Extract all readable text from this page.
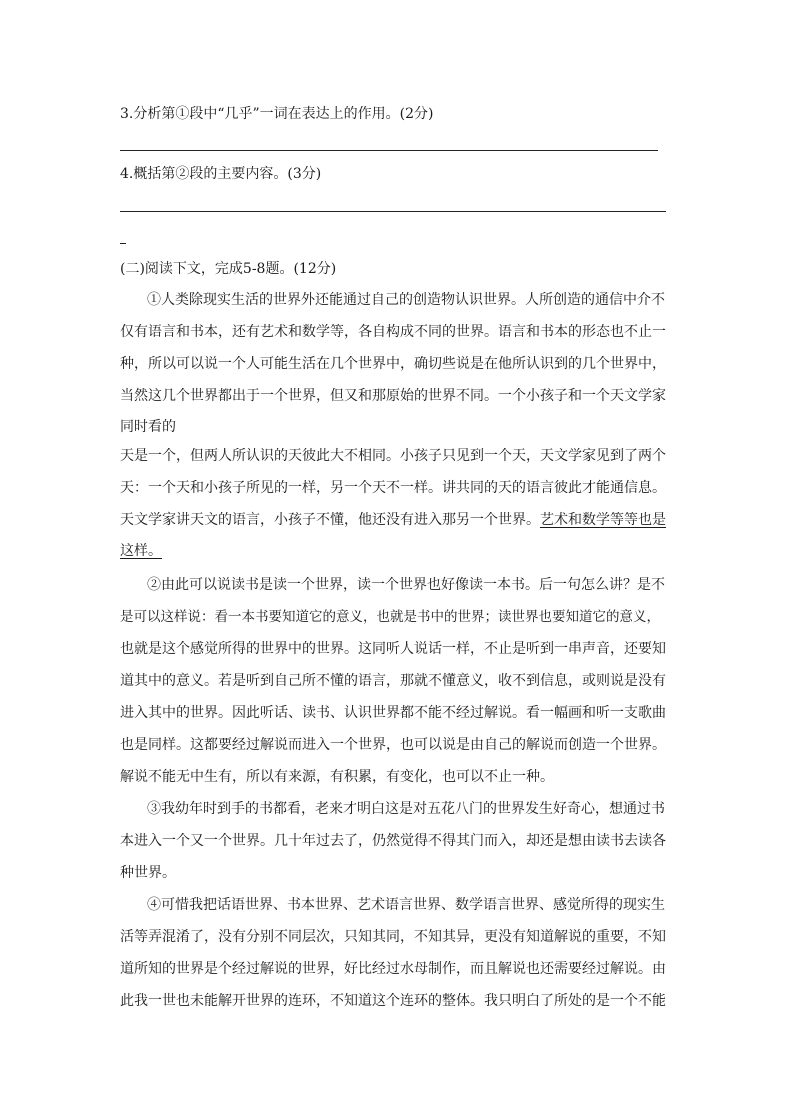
3.分析第①段中“几乎”一词在表达上的作用。(2分)
4.概括第②段的主要内容。(3分)
(二)阅读下文，完成5-8题。(12分)
①人类除现实生活的世界外还能通过自己的创造物认识世界。人所创造的通信中介不
仅有语言和书本，还有艺术和数学等，各自构成不同的世界。语言和书本的形态也不止一
种，所以可以说一个人可能生活在几个世界中，确切些说是在他所认识到的几个世界中，
当然这几个世界都出于一个世界，但又和那原始的世界不同。一个小孩子和一个天文学家
同时看的
天是一个，但两人所认识的天彼此大不相同。小孩子只见到一个天，天文学家见到了两个
天：一个天和小孩子所见的一样，另一个天不一样。讲共同的天的语言彼此才能通信息。
天文学家讲天文的语言，小孩子不懂，他还没有进入那另一个世界。艺术和数学等等也是
这样。
②由此可以说读书是读一个世界，读一个世界也好像读一本书。后一句怎么讲？是不
是可以这样说：看一本书要知道它的意义，也就是书中的世界；读世界也要知道它的意义，
也就是这个感觉所得的世界中的世界。这同听人说话一样，不止是听到一串声音，还要知
道其中的意义。若是听到自己所不懂的语言，那就不懂意义，收不到信息，或则说是没有
进入其中的世界。因此听话、读书、认识世界都不能不经过解说。看一幅画和听一支歌曲
也是同样。这都要经过解说而进入一个世界，也可以说是由自己的解说而创造一个世界。
解说不能无中生有，所以有来源，有积累，有变化，也可以不止一种。
③我幼年时到手的书都看，老来才明白这是对五花八门的世界发生好奇心，想通过书
本进入一个又一个世界。几十年过去了，仍然觉得不得其门而入，却还是想由读书去读各
种世界。
④可惜我把话语世界、书本世界、艺术语言世界、数学语言世界、感觉所得的现实生
活等弄混淆了，没有分别不同层次，只知其同，不知其异，更没有知道解说的重要，不知
道所知的世界是个经过解说的世界，好比经过水母制作，而且解说也还需要经过解说。由
此我一世也未能解开世界的连环，不知道这个连环的整体。我只明白了所处的是一个不能
